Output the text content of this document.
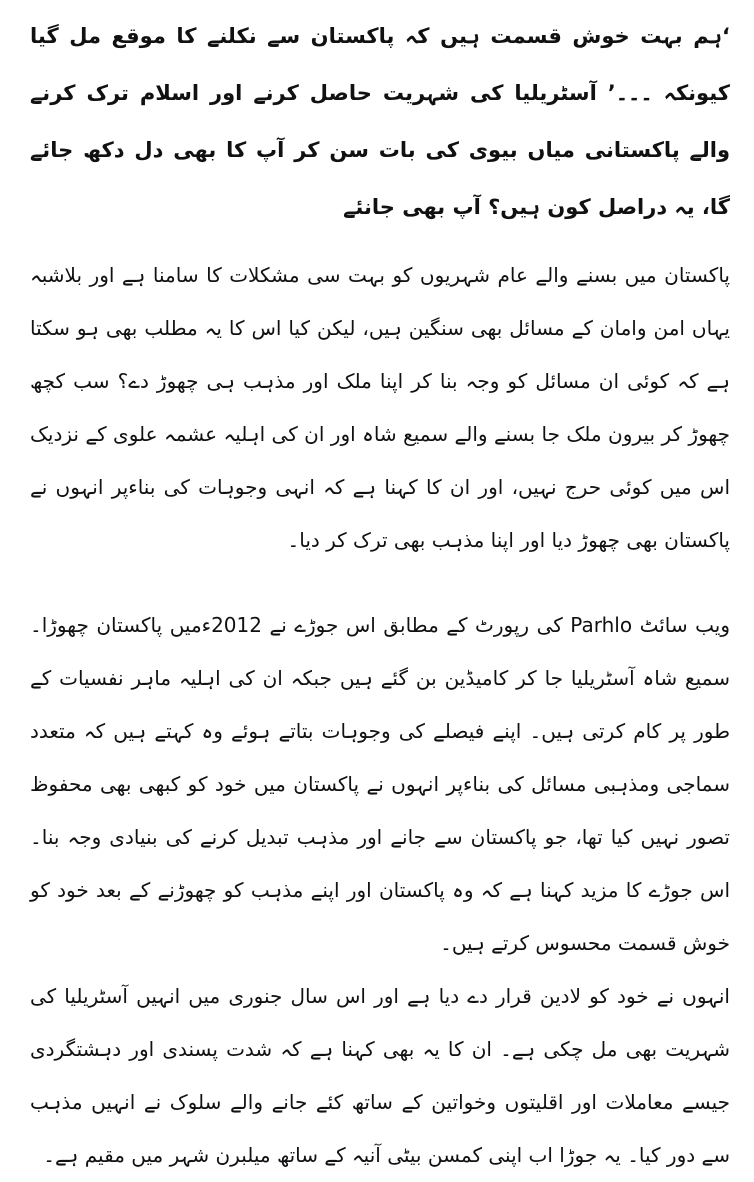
‘ہم بہت خوش قسمت ہیں کہ پاکستان سے نکلنے کا موقع مل گیا کیونکہ ۔۔۔’ آسٹریلیا کی شہریت حاصل کرنے اور اسلام ترک کرنے والے پاکستانی میاں بیوی کی بات سن کر آپ کا بھی دل دکھ جائے گا، یہ دراصل کون ہیں؟ آپ بھی جانئے

پاکستان میں بسنے والے عام شہریوں کو بہت سی مشکلات کا سامنا ہے اور بلاشبہ یہاں امن وامان کے مسائل بھی سنگین ہیں، لیکن کیا اس کا یہ مطلب بھی ہو سکتا ہے کہ کوئی ان مسائل کو وجہ بنا کر اپنا ملک اور مذہب ہی چھوڑ دے؟ سب کچھ چھوڑ کر بیرون ملک جا بسنے والے سمیع شاہ اور ان کی اہلیہ عشمہ علوی کے نزدیک اس میں کوئی حرج نہیں، اور ان کا کہنا ہے کہ انہی وجوہات کی بناءپر انہوں نے پاکستان بھی چھوڑ دیا اور اپنا مذہب بھی ترک کر دیا۔

ویب سائٹ Parhlo کی رپورٹ کے مطابق اس جوڑے نے 2012ءمیں پاکستان چھوڑا۔ سمیع شاہ آسٹریلیا جا کر کامیڈین بن گئے ہیں جبکہ ان کی اہلیہ ماہر نفسیات کے طور پر کام کرتی ہیں۔ اپنے فیصلے کی وجوہات بتاتے ہوئے وہ کہتے ہیں کہ متعدد سماجی ومذہبی مسائل کی بناءپر انہوں نے پاکستان میں خود کو کبھی بھی محفوظ تصور نہیں کیا تھا، جو پاکستان سے جانے اور مذہب تبدیل کرنے کی بنیادی وجہ بنا۔ اس جوڑے کا مزید کہنا ہے کہ وہ پاکستان اور اپنے مذہب کو چھوڑنے کے بعد خود کو خوش قسمت محسوس کرتے ہیں۔

انہوں نے خود کو لادین قرار دے دیا ہے اور اس سال جنوری میں انہیں آسٹریلیا کی شہریت بھی مل چکی ہے۔ ان کا یہ بھی کہنا ہے کہ شدت پسندی اور دہشتگردی جیسے معاملات اور اقلیتوں وخواتین کے ساتھ کئے جانے والے سلوک نے انہیں مذہب سے دور کیا۔ یہ جوڑا اب اپنی کمسن بیٹی آنیہ کے ساتھ میلبرن شہر میں مقیم ہے۔
